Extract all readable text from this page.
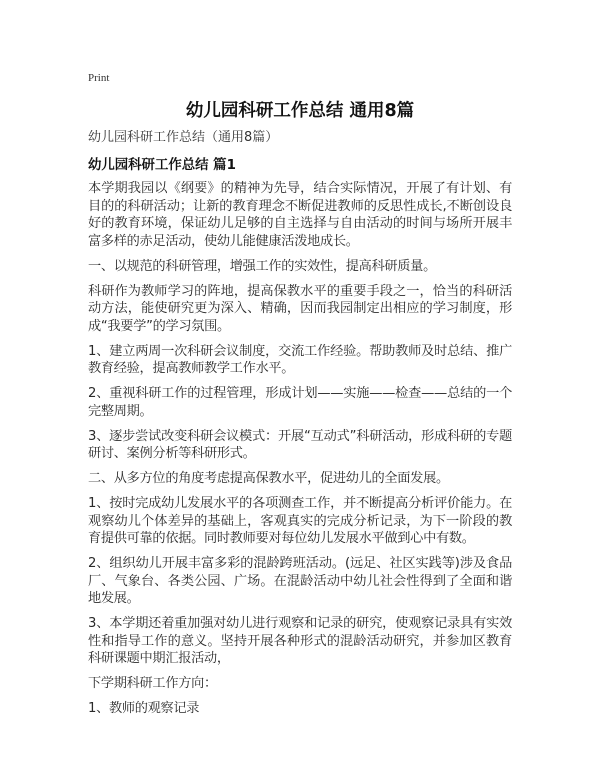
Print
幼儿园科研工作总结 通用8篇
幼儿园科研工作总结（通用8篇）
幼儿园科研工作总结 篇1

本学期我园以《纲要》的精神为先导，结合实际情况，开展了有计划、有目的的科研活动；让新的教育理念不断促进教师的反思性成长,不断创设良好的教育环境，保证幼儿足够的自主选择与自由活动的时间与场所开展丰富多样的赤足活动，使幼儿能健康活泼地成长。

一、以规范的科研管理，增强工作的实效性，提高科研质量。

科研作为教师学习的阵地，提高保教水平的重要手段之一，恰当的科研活动方法，能使研究更为深入、精确，因而我园制定出相应的学习制度，形成“我要学”的学习氛围。

1、建立两周一次科研会议制度，交流工作经验。帮助教师及时总结、推广教育经验，提高教师教学工作水平。

2、重视科研工作的过程管理，形成计划——实施——检查——总结的一个完整周期。

3、逐步尝试改变科研会议模式：开展“互动式”科研活动，形成科研的专题研讨、案例分析等科研形式。

二、从多方位的角度考虑提高保教水平，促进幼儿的全面发展。

1、按时完成幼儿发展水平的各项测查工作，并不断提高分析评价能力。在观察幼儿个体差异的基础上，客观真实的完成分析记录，为下一阶段的教育提供可靠的依据。同时教师要对每位幼儿发展水平做到心中有数。

2、组织幼儿开展丰富多彩的混龄跨班活动。(远足、社区实践等)涉及食品厂、气象台、各类公园、广场。在混龄活动中幼儿社会性得到了全面和谐地发展。

3、本学期还着重加强对幼儿进行观察和记录的研究，使观察记录具有实效性和指导工作的意义。坚持开展各种形式的混龄活动研究，并参加区教育科研课题中期汇报活动，

下学期科研工作方向：

1、教师的观察记录
